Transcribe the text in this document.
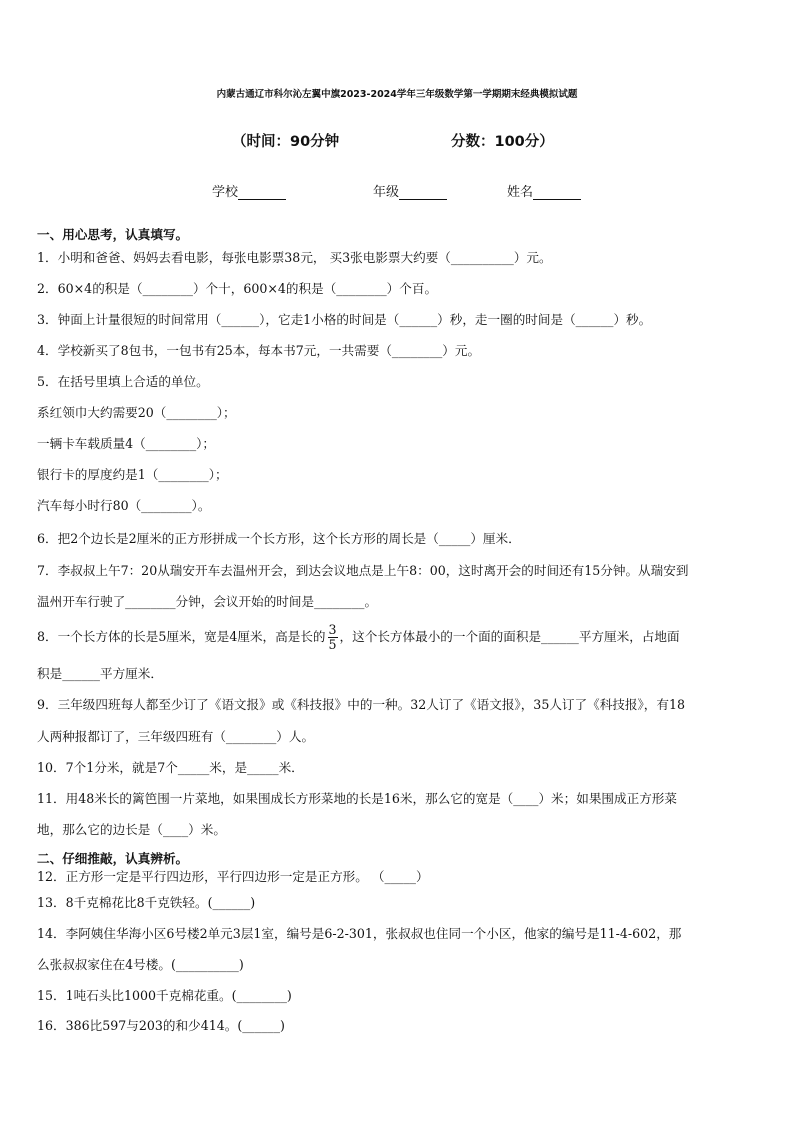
内蒙古通辽市科尔沁左翼中旗2023-2024学年三年级数学第一学期期末经典模拟试题
（时间：90分钟	分数：100分）
学校	年级	姓名
一、用心思考，认真填写。
1．小明和爸爸、妈妈去看电影，每张电影票38元， 买3张电影票大约要（__________）元。
2．60×4的积是（________）个十，600×4的积是（________）个百。
3．钟面上计量很短的时间常用（______），它走1小格的时间是（______）秒，走一圈的时间是（______）秒。
4．学校新买了8包书，一包书有25本，每本书7元，一共需要（________）元。
5．在括号里填上合适的单位。
系红领巾大约需要20（________）；
一辆卡车载质量4（________）；
银行卡的厚度约是1（________）；
汽车每小时行80（________）。
6．把2个边长是2厘米的正方形拼成一个长方形，这个长方形的周长是（_____）厘米．
7．李叔叔上午7：20从瑞安开车去温州开会，到达会议地点是上午8：00，这时离开会的时间还有15分钟。从瑞安到
温州开车行驶了________分钟，会议开始的时间是________。
8．一个长方体的长是5厘米，宽是4厘米，高是长的 $\frac{3}{5}$ ，这个长方体最小的一个面的面积是______平方厘米，占地面
积是______平方厘米．
9．三年级四班每人都至少订了《语文报》或《科技报》中的一种。32人订了《语文报》，35人订了《科技报》，有18
人两种报都订了，三年级四班有（________）人。
10．7个1分米，就是7个_____米，是_____米．
11．用48米长的篱笆围一片菜地，如果围成长方形菜地的长是16米，那么它的宽是（____）米；如果围成正方形菜
地，那么它的边长是（____）米。
二、仔细推敲，认真辨析。
12．正方形一定是平行四边形，平行四边形一定是正方形。 （_____）
13．8千克棉花比8千克铁轻。(______)
14．李阿姨住华海小区6号楼2单元3层1室，编号是6-2-301，张叔叔也住同一个小区，他家的编号是11-4-602，那
么张叔叔家住在4号楼。(__________)
15．1吨石头比1000千克棉花重。(________)
16．386比597与203的和少414。(______)
